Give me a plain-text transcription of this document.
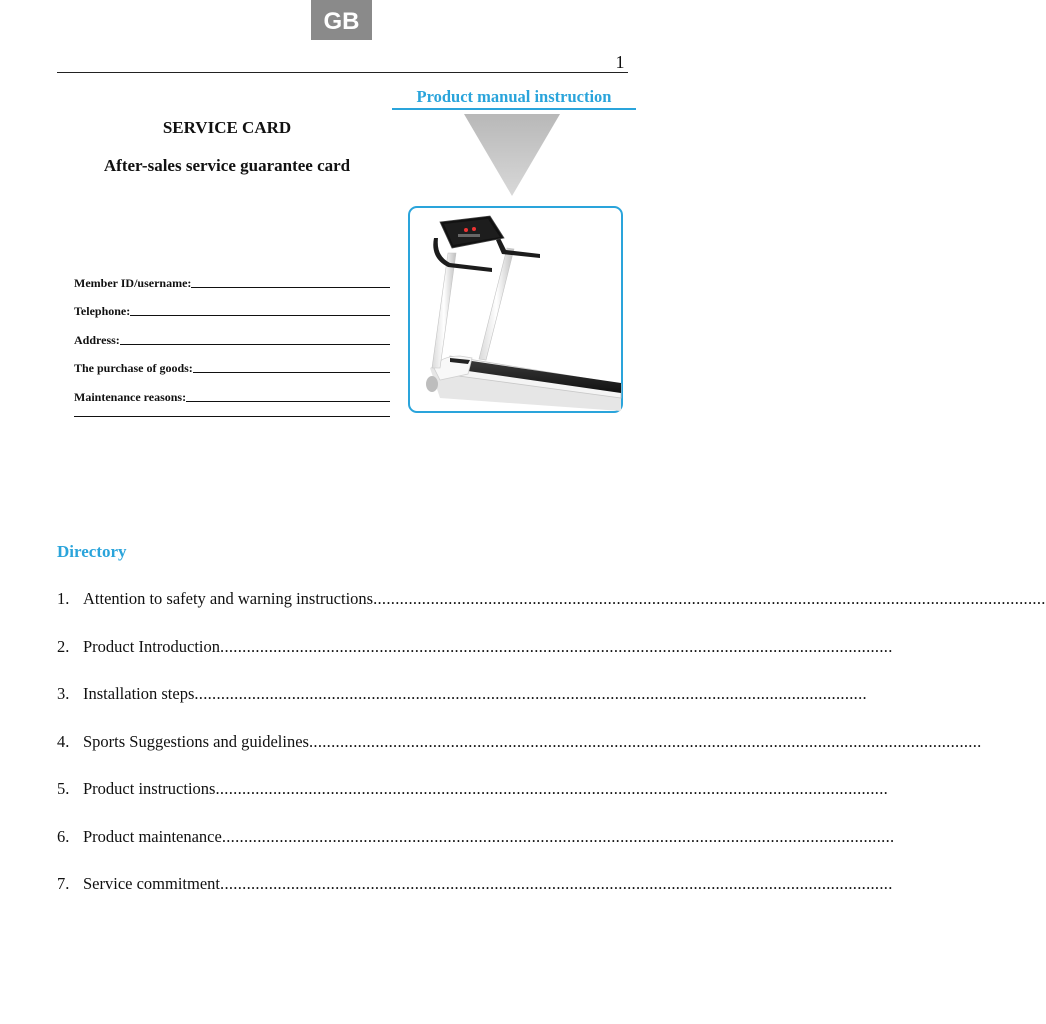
GB
1
Product manual instruction
SERVICE CARD
After-sales service guarantee card
Member ID/username:
Telephone:
Address:
The purchase of goods:
Maintenance reasons:
Directory
1. Attention to safety and warning instructions ........................................................................................................................................................
2. Product Introduction ........................................................................................................................................................
3. Installation steps ........................................................................................................................................................
4. Sports Suggestions and guidelines ........................................................................................................................................................
5. Product instructions ........................................................................................................................................................
6. Product maintenance ........................................................................................................................................................
7. Service commitment ........................................................................................................................................................
